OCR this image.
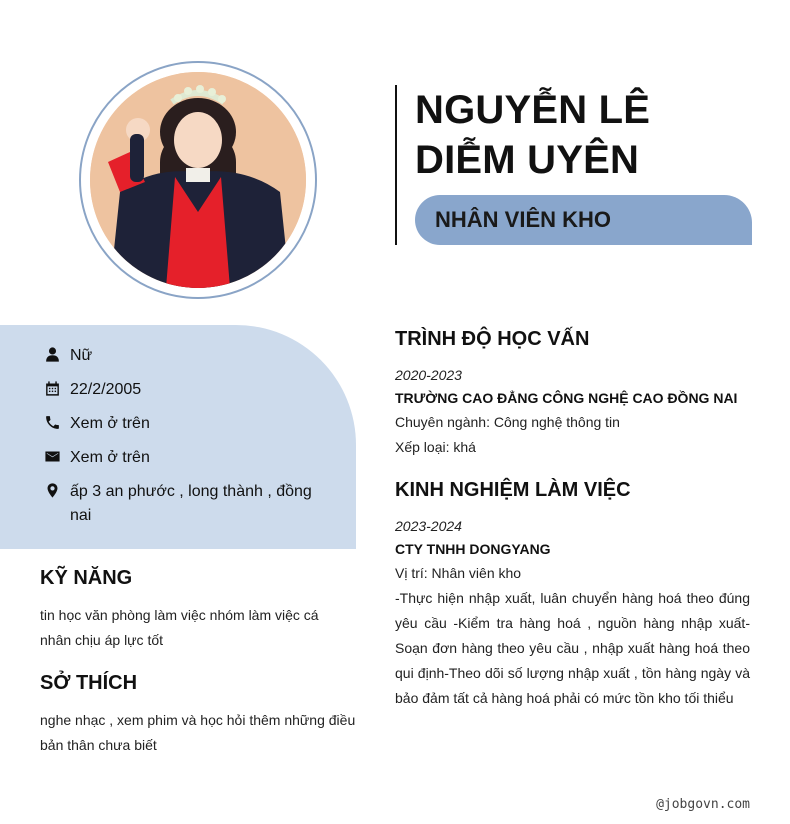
NGUYỄN LÊ DIỄM UYÊN
NHÂN VIÊN KHO
Nữ
22/2/2005
Xem ở trên
Xem ở trên
ấp 3 an phước , long thành , đồng nai
KỸ NĂNG
tin học văn phòng làm việc nhóm làm việc cá nhân chịu áp lực tốt
SỞ THÍCH
nghe nhạc , xem phim và học hỏi thêm những điều bản thân chưa biết
TRÌNH ĐỘ HỌC VẤN
2020-2023
TRƯỜNG CAO ĐẲNG CÔNG NGHỆ CAO ĐỒNG NAI
Chuyên ngành: Công nghệ thông tin
Xếp loại: khá
KINH NGHIỆM LÀM VIỆC
2023-2024
CTY TNHH DONGYANG
Vị trí: Nhân viên kho
-Thực hiện nhập xuất, luân chuyển hàng hoá theo đúng yêu cầu -Kiểm tra hàng hoá , nguồn hàng nhập xuất-Soạn đơn hàng theo yêu cầu , nhập xuất hàng hoá theo qui định-Theo dõi số lượng nhập xuất , tồn hàng ngày và bảo đảm tất cả hàng hoá phải có mức tồn kho tối thiểu
@jobgovn.com
